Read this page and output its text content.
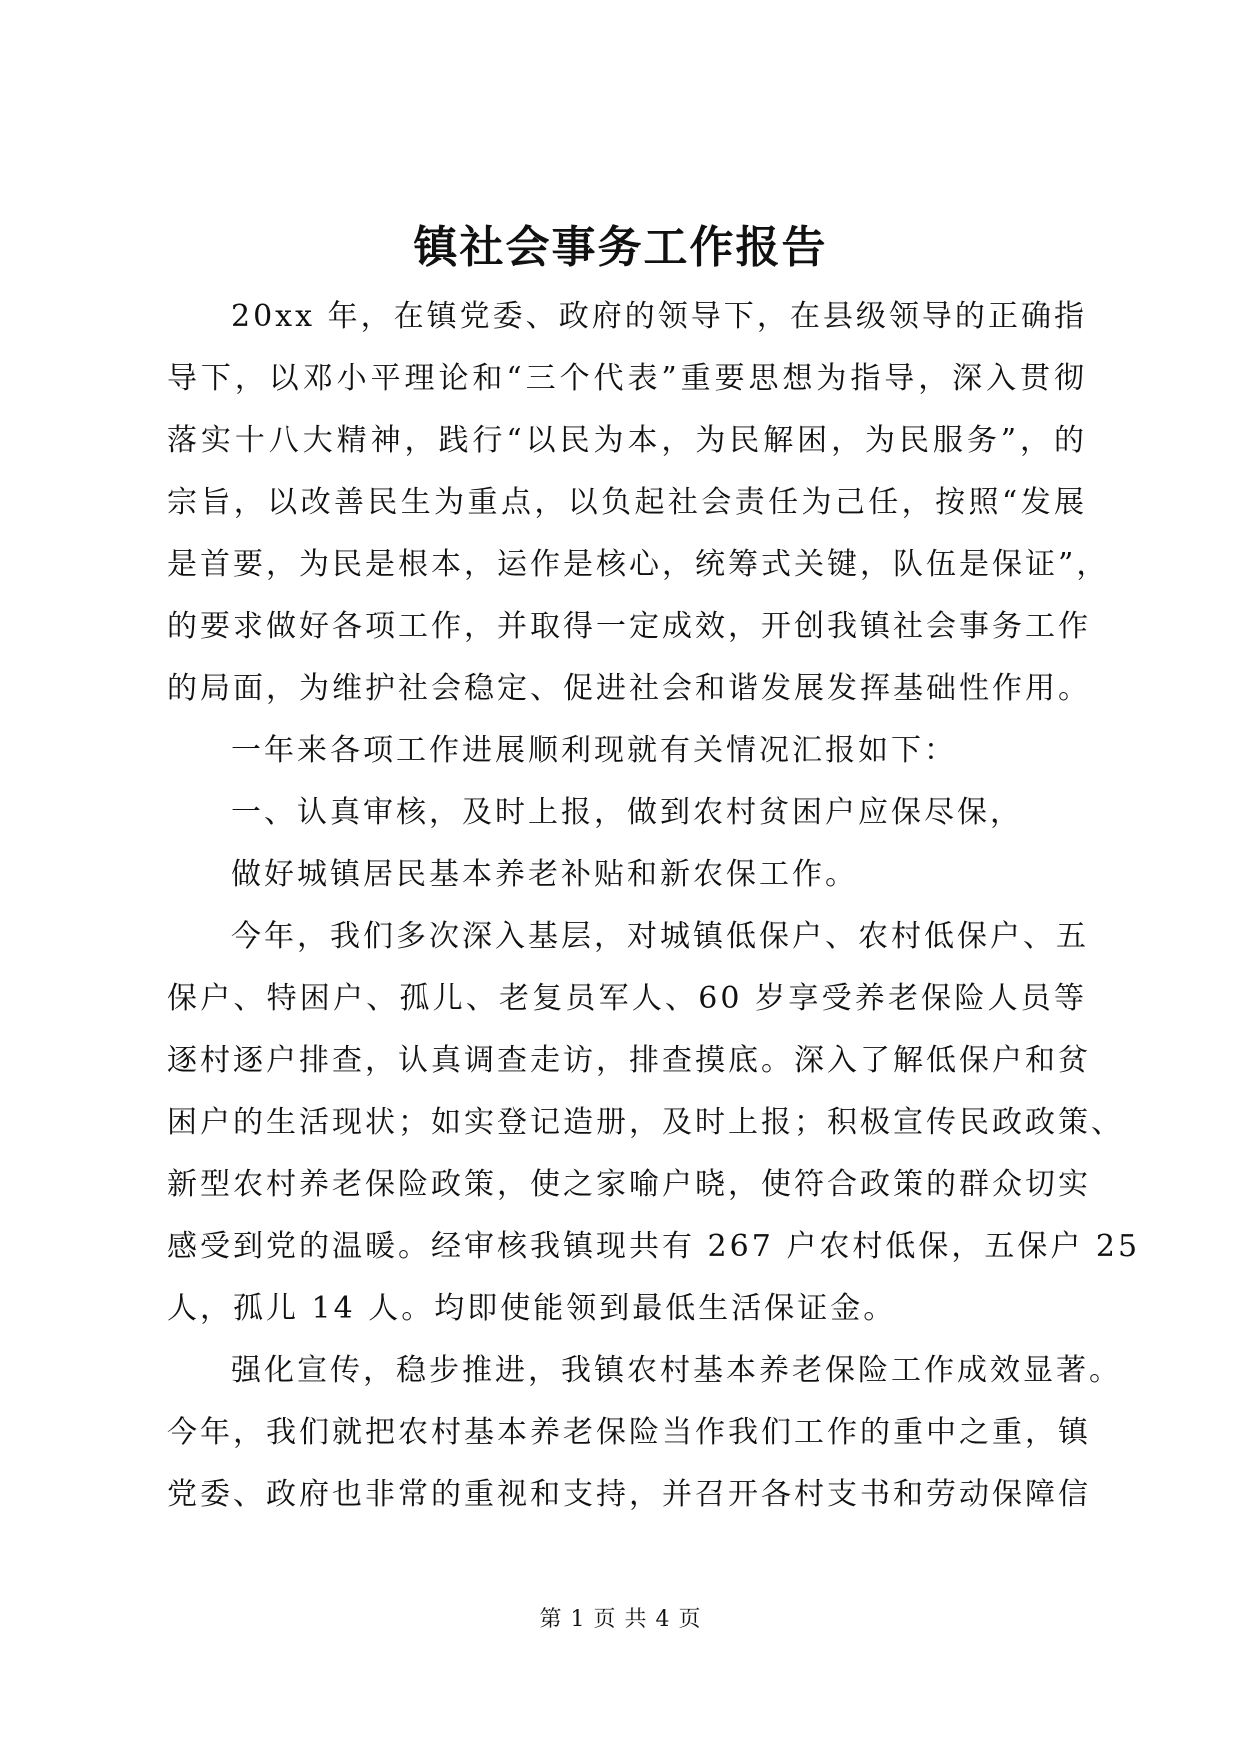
镇社会事务工作报告
20xx 年，在镇党委、政府的领导下，在县级领导的正确指
导下，以邓小平理论和“三个代表”重要思想为指导，深入贯彻
落实十八大精神，践行“以民为本，为民解困，为民服务”，的
宗旨，以改善民生为重点，以负起社会责任为己任，按照“发展
是首要，为民是根本，运作是核心，统筹式关键，队伍是保证”，
的要求做好各项工作，并取得一定成效，开创我镇社会事务工作
的局面，为维护社会稳定、促进社会和谐发展发挥基础性作用。
一年来各项工作进展顺利现就有关情况汇报如下：
一、认真审核，及时上报，做到农村贫困户应保尽保，
做好城镇居民基本养老补贴和新农保工作。
今年，我们多次深入基层，对城镇低保户、农村低保户、五
保户、特困户、孤儿、老复员军人、60 岁享受养老保险人员等
逐村逐户排查，认真调查走访，排查摸底。深入了解低保户和贫
困户的生活现状；如实登记造册，及时上报；积极宣传民政政策、
新型农村养老保险政策，使之家喻户晓，使符合政策的群众切实
感受到党的温暖。经审核我镇现共有 267 户农村低保，五保户 25
人，孤儿 14 人。均即使能领到最低生活保证金。
强化宣传，稳步推进，我镇农村基本养老保险工作成效显著。
今年，我们就把农村基本养老保险当作我们工作的重中之重，镇
党委、政府也非常的重视和支持，并召开各村支书和劳动保障信
第 1 页 共 4 页
